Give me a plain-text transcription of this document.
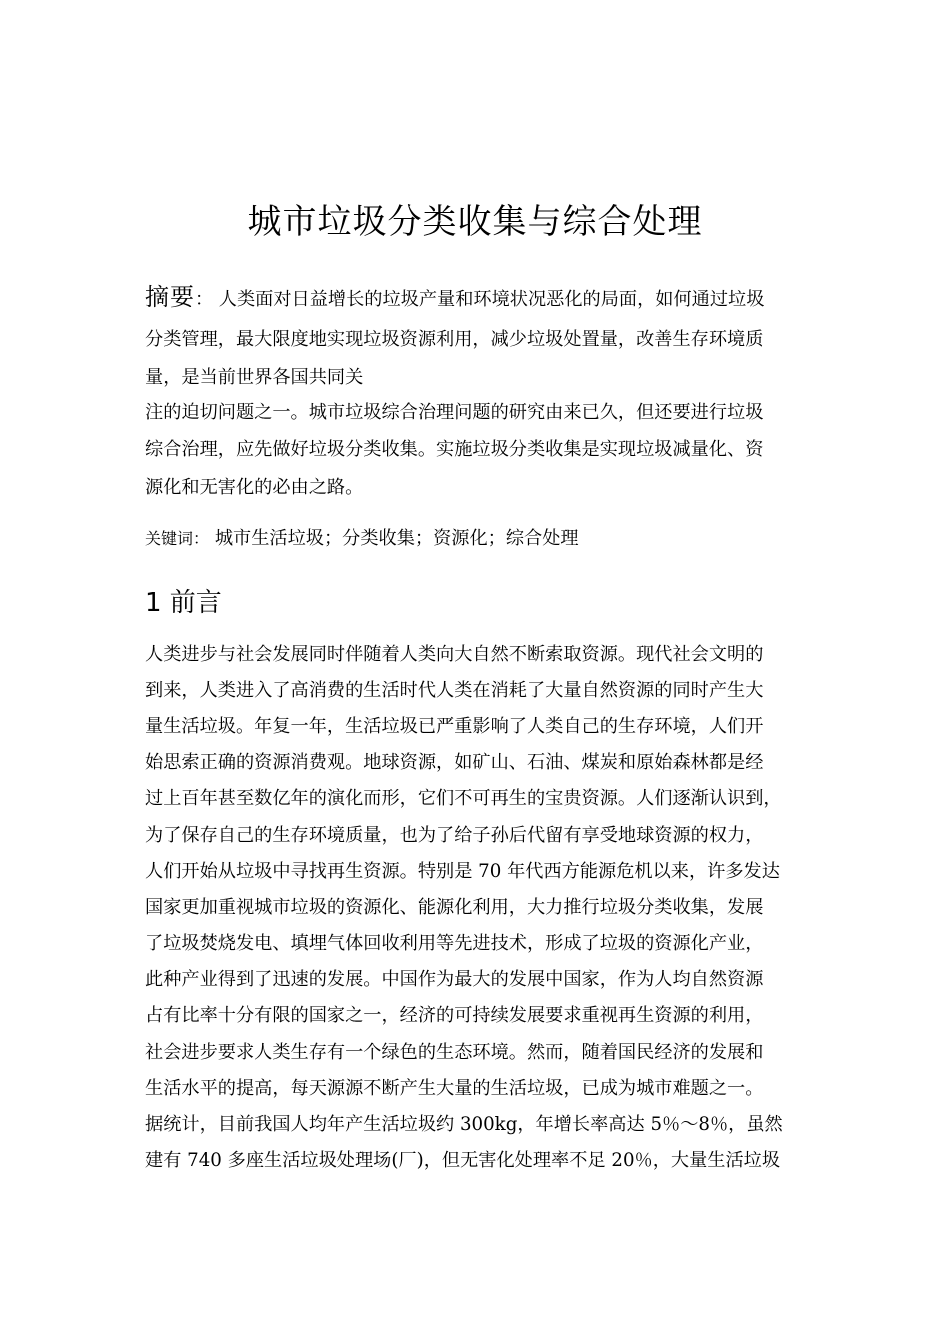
城市垃圾分类收集与综合处理
摘要： 人类面对日益增长的垃圾产量和环境状况恶化的局面，如何通过垃圾
分类管理，最大限度地实现垃圾资源利用，减少垃圾处置量，改善生存环境质
量，是当前世界各国共同关
注的迫切问题之一。城市垃圾综合治理问题的研究由来已久，但还要进行垃圾
综合治理，应先做好垃圾分类收集。实施垃圾分类收集是实现垃圾减量化、资
源化和无害化的必由之路。
关键词： 城市生活垃圾；分类收集；资源化；综合处理
1 前言
人类进步与社会发展同时伴随着人类向大自然不断索取资源。现代社会文明的
到来，人类进入了高消费的生活时代人类在消耗了大量自然资源的同时产生大
量生活垃圾。年复一年，生活垃圾已严重影响了人类自己的生存环境，人们开
始思索正确的资源消费观。地球资源，如矿山、石油、煤炭和原始森林都是经
过上百年甚至数亿年的演化而形，它们不可再生的宝贵资源。人们逐渐认识到，
为了保存自己的生存环境质量，也为了给子孙后代留有享受地球资源的权力，
人们开始从垃圾中寻找再生资源。特别是 70 年代西方能源危机以来，许多发达
国家更加重视城市垃圾的资源化、能源化利用，大力推行垃圾分类收集，发展
了垃圾焚烧发电、填埋气体回收利用等先进技术，形成了垃圾的资源化产业，
此种产业得到了迅速的发展。中国作为最大的发展中国家，作为人均自然资源
占有比率十分有限的国家之一，经济的可持续发展要求重视再生资源的利用，
社会进步要求人类生存有一个绿色的生态环境。然而，随着国民经济的发展和
生活水平的提高，每天源源不断产生大量的生活垃圾，已成为城市难题之一。
据统计，目前我国人均年产生活垃圾约 300kg，年增长率高达 5％～8％，虽然
建有 740 多座生活垃圾处理场(厂)，但无害化处理率不足 20％，大量生活垃圾
